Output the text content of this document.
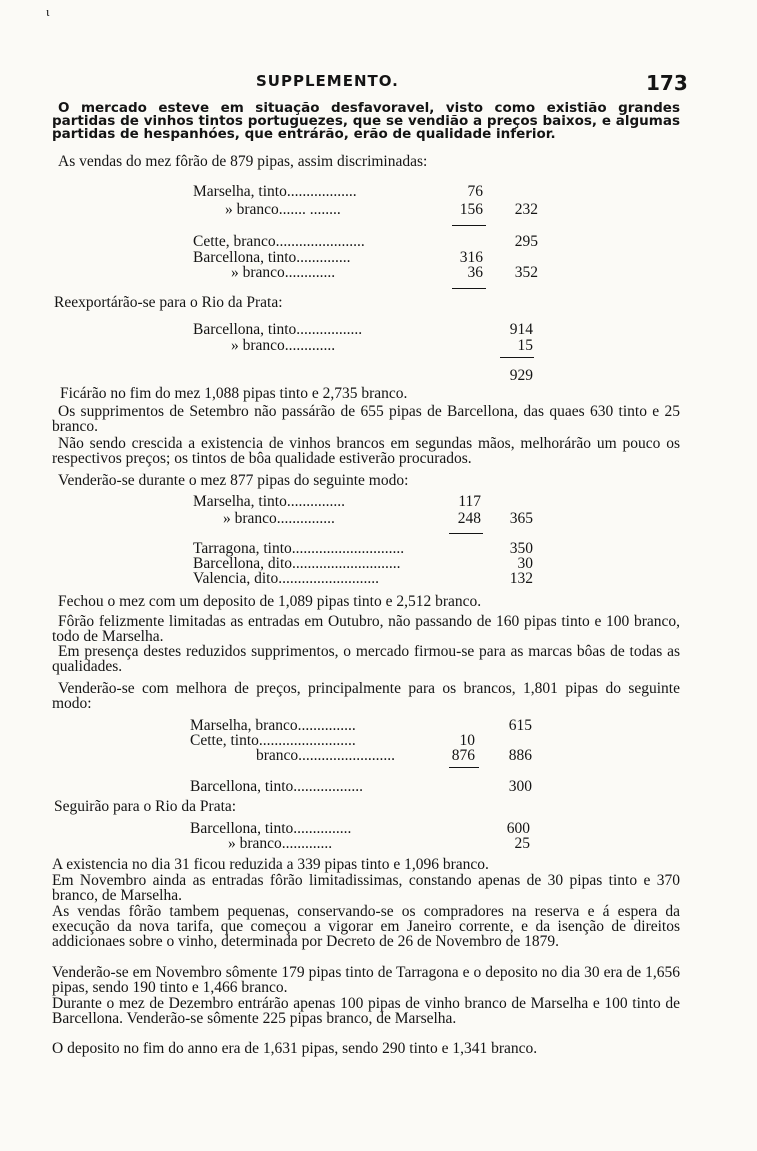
ɩ
SUPPLEMENTO.	173

O mercado esteve em situação desfavoravel, visto como existião grandes partidas de vinhos tintos portuguezes, que se vendião a preços baixos, e algumas partidas de hespanhóes, que entrárão, erão de qualidade inferior.

As vendas do mez fôrão de 879 pipas, assim discriminadas:

Marselha, tinto..................	76
» branco....... ........	156	232
Cette, branco.......................	295
Barcellona, tinto..............	316
» branco.............	36	352

Reexportárão-se para o Rio da Prata:

Barcellona, tinto.................	914
» branco.............	15
929

Ficárão no fim do mez 1,088 pipas tinto e 2,735 branco.

Os supprimentos de Setembro não passárão de 655 pipas de Barcellona, das quaes 630 tinto e 25 branco.

Não sendo crescida a existencia de vinhos brancos em segundas mãos, melhorárão um pouco os respectivos preços; os tintos de bôa qualidade estiverão procurados.

Venderão-se durante o mez 877 pipas do seguinte modo:

Marselha, tinto...............	117
» branco...............	248	365
Tarragona, tinto.............................	350
Barcellona, dito............................	30
Valencia, dito..........................	132

Fechou o mez com um deposito de 1,089 pipas tinto e 2,512 branco.

Fôrão felizmente limitadas as entradas em Outubro, não passando de 160 pipas tinto e 100 branco, todo de Marselha.

Em presença destes reduzidos supprimentos, o mercado firmou-se para as marcas bôas de todas as qualidades.

Venderão-se com melhora de preços, principalmente para os brancos, 1,801 pipas do seguinte modo:

Marselha, branco...............	615
Cette, tinto.........................	10
branco.........................	876	886
Barcellona, tinto..................	300

Seguirão para o Rio da Prata:

Barcellona, tinto...............	600
» branco.............	25

A existencia no dia 31 ficou reduzida a 339 pipas tinto e 1,096 branco.

Em Novembro ainda as entradas fôrão limitadissimas, constando apenas de 30 pipas tinto e 370 branco, de Marselha.

As vendas fôrão tambem pequenas, conservando-se os compradores na reserva e á espera da execução da nova tarifa, que começou a vigorar em Janeiro corrente, e da isenção de direitos addicionaes sobre o vinho, determinada por Decreto de 26 de Novembro de 1879.

Venderão-se em Novembro sômente 179 pipas tinto de Tarragona e o deposito no dia 30 era de 1,656 pipas, sendo 190 tinto e 1,466 branco.

Durante o mez de Dezembro entrárão apenas 100 pipas de vinho branco de Marselha e 100 tinto de Barcellona. Venderão-se sômente 225 pipas branco, de Marselha.

O deposito no fim do anno era de 1,631 pipas, sendo 290 tinto e 1,341 branco.
